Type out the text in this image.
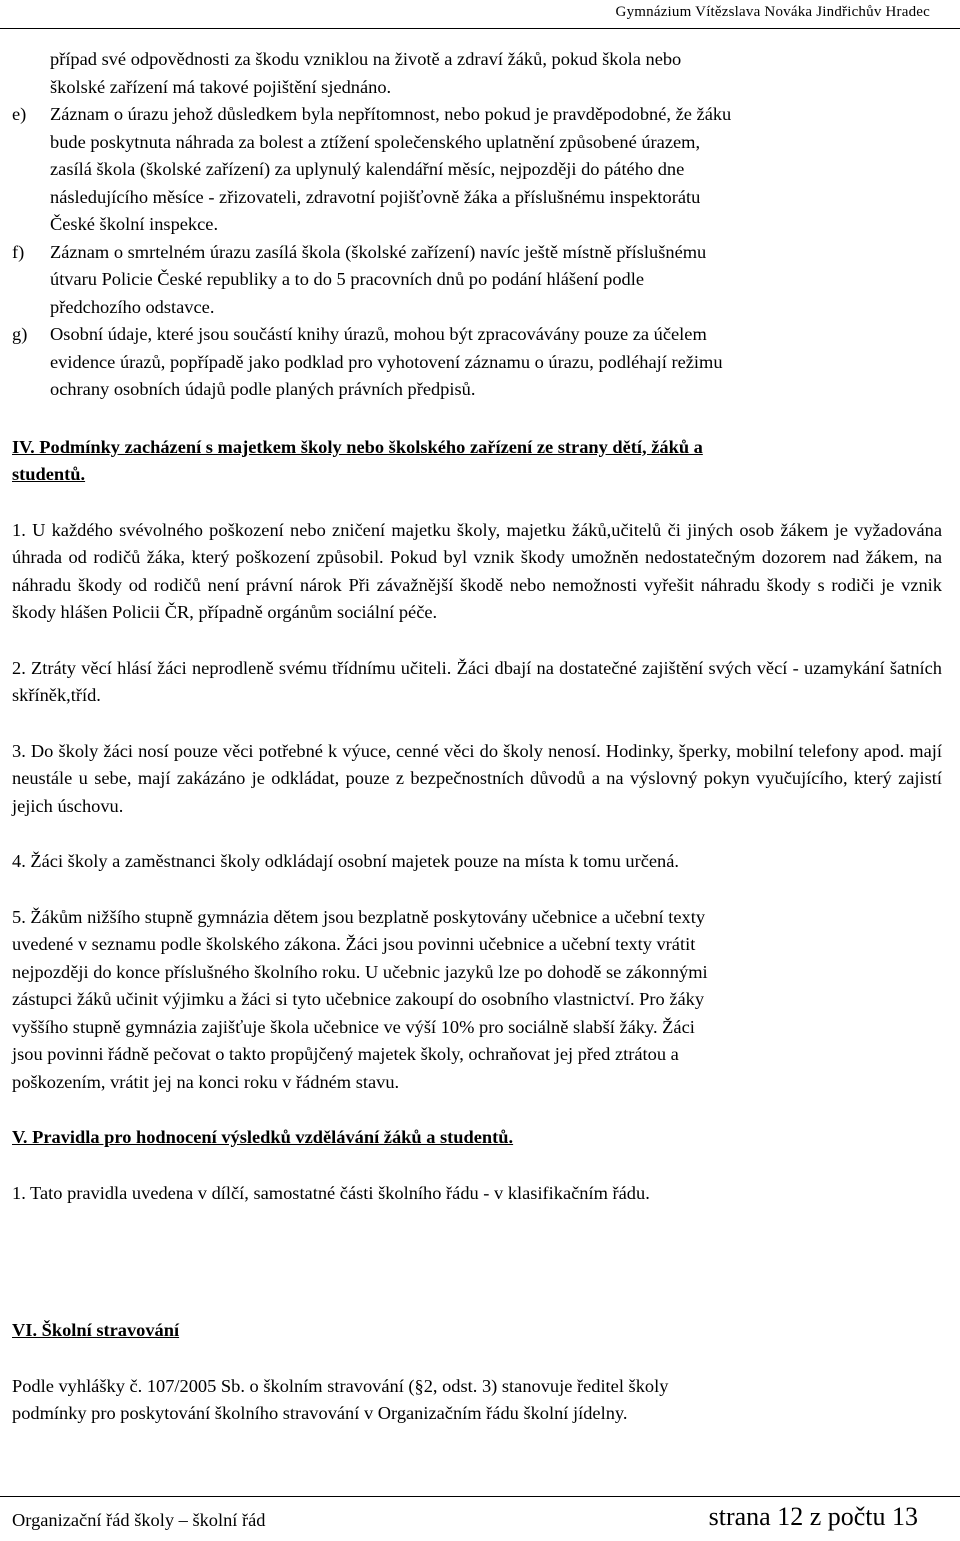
Gymnázium Vítězslava Nováka Jindřichův Hradec

případ své odpovědnosti za škodu vzniklou na životě a zdraví žáků, pokud škola nebo

školské zařízení má takové pojištění sjednáno.

e) Záznam o úrazu jehož důsledkem byla nepřítomnost, nebo pokud je pravděpodobné, že žáku

bude poskytnuta náhrada za bolest a ztížení společenského uplatnění způsobené úrazem,

zasílá škola (školské zařízení) za uplynulý kalendářní měsíc, nejpozději do pátého dne

následujícího měsíce - zřizovateli, zdravotní pojišťovně žáka a příslušnému inspektorátu

České školní inspekce.

f) Záznam o smrtelném úrazu zasílá škola (školské zařízení) navíc ještě místně příslušnému

útvaru Policie České republiky a to do 5 pracovních dnů po podání hlášení podle

předchozího odstavce.

g) Osobní údaje, které jsou součástí knihy úrazů, mohou být zpracovávány pouze za účelem

evidence úrazů, popřípadě jako podklad pro vyhotovení záznamu o úrazu, podléhají režimu

ochrany osobních údajů podle planých právních předpisů.

IV. Podmínky zacházení s majetkem školy nebo školského zařízení ze strany dětí, žáků a

studentů.

1. U každého svévolného poškození nebo zničení majetku školy, majetku žáků,učitelů či jiných osob žákem je vyžadována úhrada od rodičů žáka, který poškození způsobil. Pokud byl vznik škody umožněn nedostatečným dozorem nad žákem, na náhradu škody od rodičů není právní nárok Při závažnější škodě nebo nemožnosti vyřešit náhradu škody s rodiči je vznik škody hlášen Policii ČR, případně orgánům sociální péče.

2. Ztráty věcí hlásí žáci neprodleně svému třídnímu učiteli. Žáci dbají na dostatečné zajištění svých věcí - uzamykání šatních skříněk,tříd.

3. Do školy žáci nosí pouze věci potřebné k výuce, cenné věci do školy nenosí. Hodinky, šperky, mobilní telefony apod. mají neustále u sebe, mají zakázáno je odkládat, pouze z bezpečnostních důvodů a na výslovný pokyn vyučujícího, který zajistí jejich úschovu.

4. Žáci školy a zaměstnanci školy odkládají osobní majetek pouze na místa k tomu určená.

5. Žákům nižšího stupně gymnázia dětem jsou bezplatně poskytovány učebnice a učební texty

uvedené v seznamu podle školského zákona. Žáci jsou povinni učebnice a učební texty vrátit

nejpozději do konce příslušného školního roku. U učebnic jazyků lze po dohodě se zákonnými

zástupci žáků učinit výjimku a žáci si tyto učebnice zakoupí do osobního vlastnictví. Pro žáky

vyššího stupně gymnázia zajišťuje škola učebnice ve výší 10% pro sociálně slabší žáky. Žáci

jsou povinni řádně pečovat o takto propůjčený majetek školy, ochraňovat jej před ztrátou a

poškozením, vrátit jej na konci roku v řádném stavu.

V. Pravidla pro hodnocení výsledků vzdělávání žáků a studentů.

1. Tato pravidla uvedena v dílčí, samostatné části školního řádu - v klasifikačním řádu.

VI. Školní stravování

Podle vyhlášky č. 107/2005 Sb. o školním stravování (§2, odst. 3) stanovuje ředitel školy

podmínky pro poskytování školního stravování v Organizačním řádu školní jídelny.

Organizační řád školy – školní řád	strana 12 z počtu 13
